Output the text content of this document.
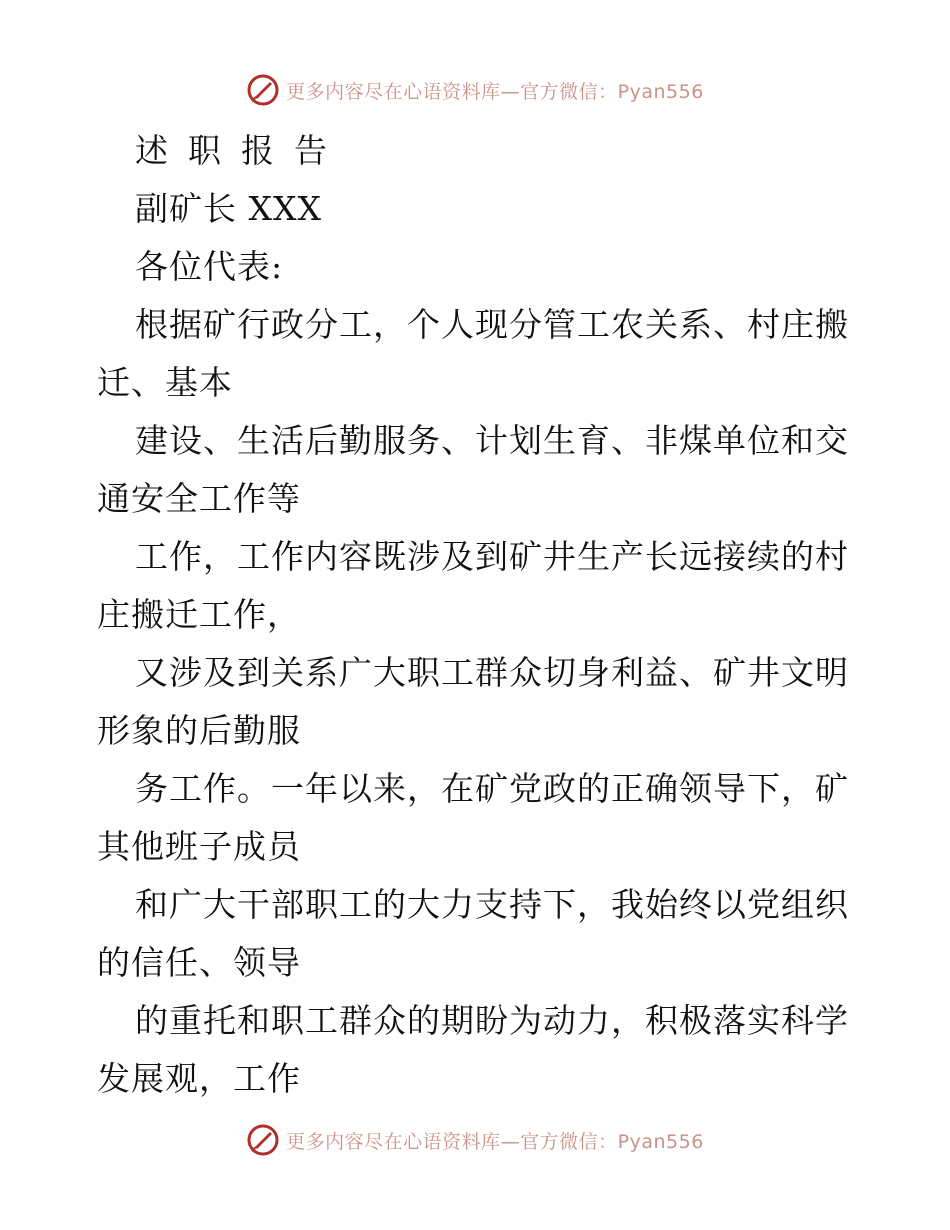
更多内容尽在心语资料库—官方微信：Pyan556
述职报告
副矿长 XXX
各位代表:
根据矿行政分工，个人现分管工农关系、村庄搬
迁、基本
建设、生活后勤服务、计划生育、非煤单位和交
通安全工作等
工作，工作内容既涉及到矿井生产长远接续的村
庄搬迁工作，
又涉及到关系广大职工群众切身利益、矿井文明
形象的后勤服
务工作。一年以来，在矿党政的正确领导下，矿
其他班子成员
和广大干部职工的大力支持下，我始终以党组织
的信任、领导
的重托和职工群众的期盼为动力，积极落实科学
发展观，工作
更多内容尽在心语资料库—官方微信：Pyan556
